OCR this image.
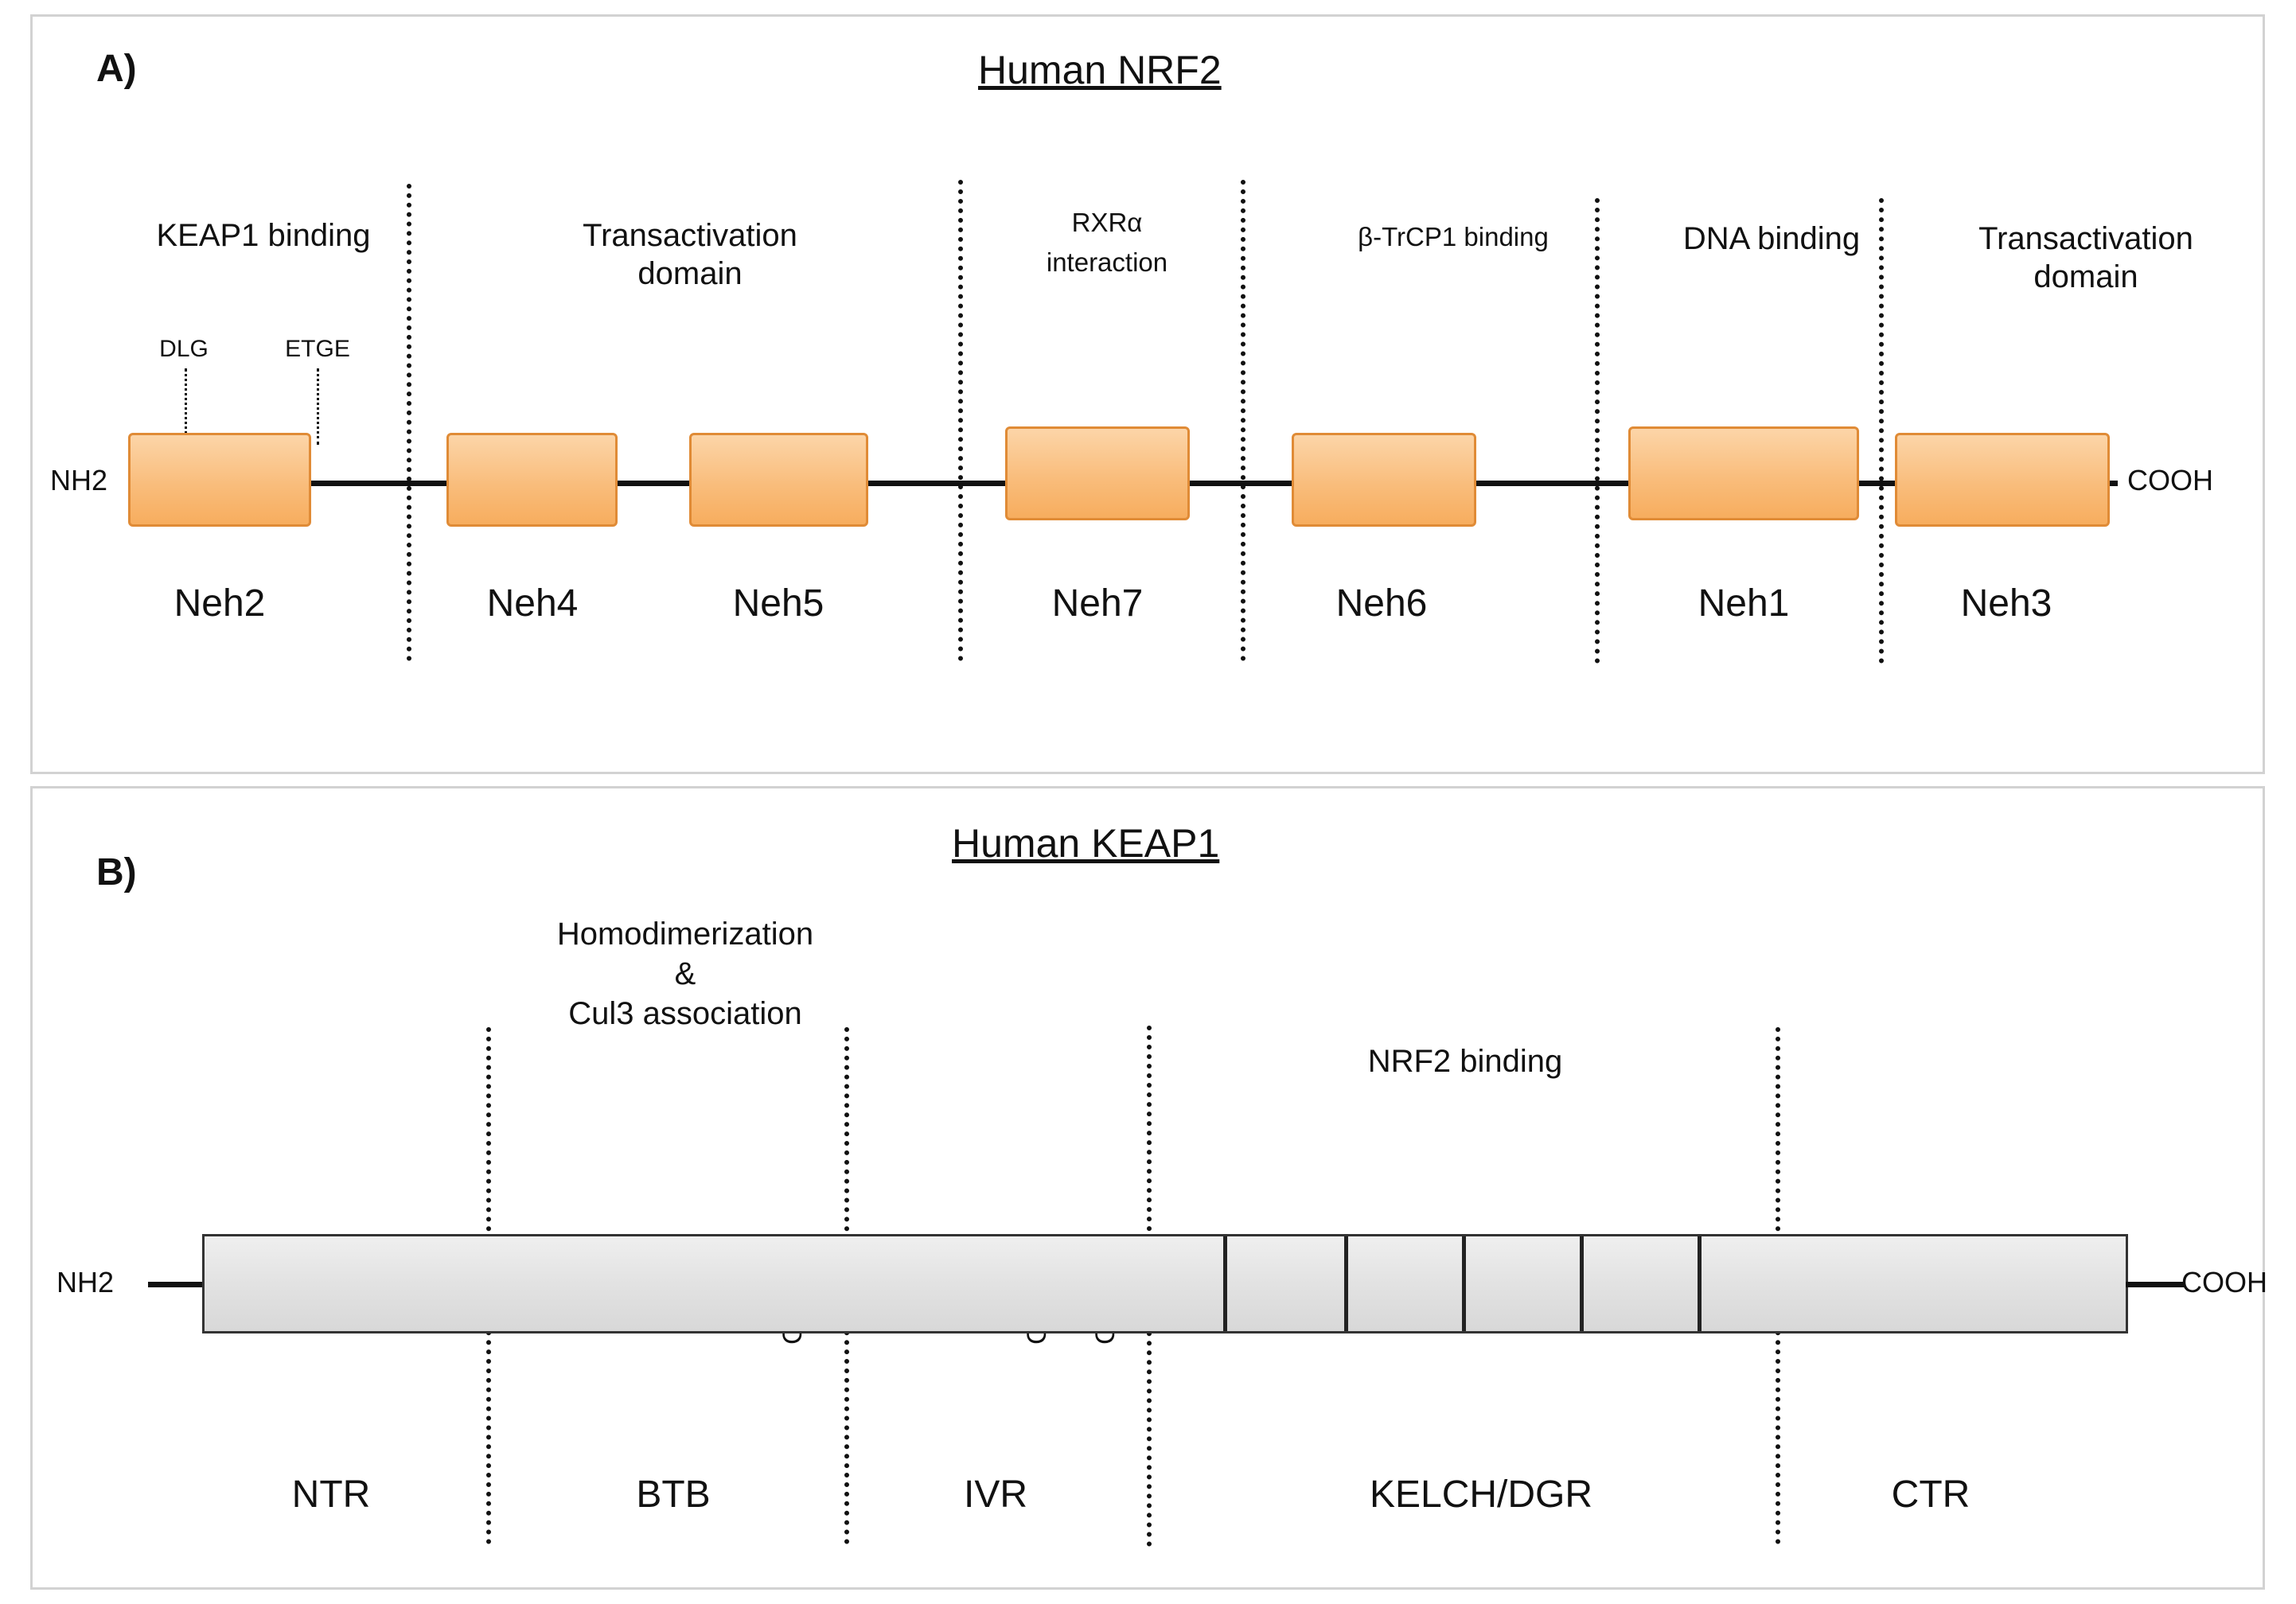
A)	Human NRF2
KEAP1 binding	Transactivation
domain
RXRα
interaction
β-TrCP1 binding	DNA binding	Transactivation
domain
DLG	ETGE
NH2	COOH
Neh2	Neh4	Neh5	Neh7	Neh6	Neh1	Neh3
B)
Human KEAP1
Homodimerization
&
Cul3 association
NRF2 binding
NH2	COOH
NTR	BTB	IVR	KELCH/DGR	CTR
